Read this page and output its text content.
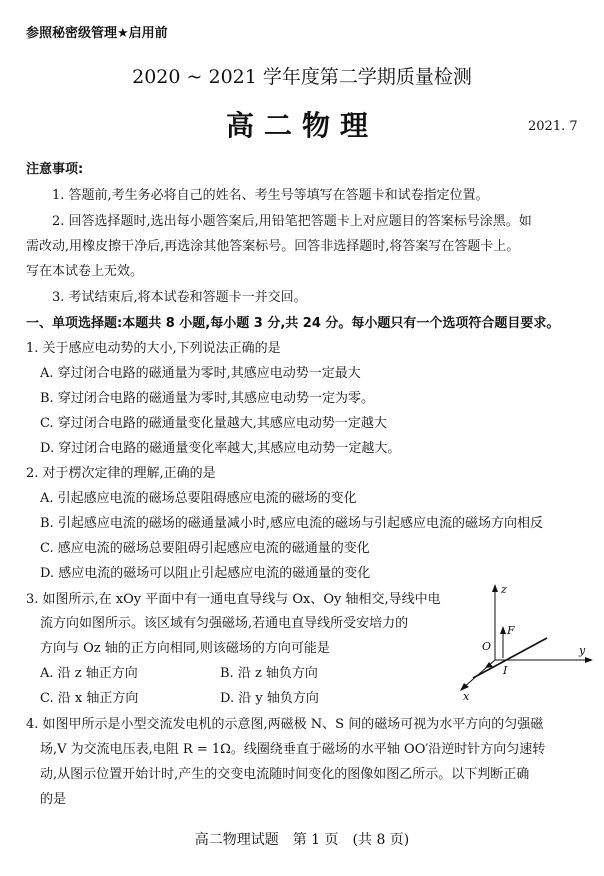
参照秘密级管理★启用前
2020 ~ 2021 学年度第二学期质量检测
高二物理	2021. 7
注意事项:
1. 答题前,考生务必将自己的姓名、考生号等填写在答题卡和试卷指定位置。
2. 回答选择题时,选出每小题答案后,用铅笔把答题卡上对应题目的答案标号涂黑。如
需改动,用橡皮擦干净后,再选涂其他答案标号。回答非选择题时,将答案写在答题卡上。
写在本试卷上无效。
3. 考试结束后,将本试卷和答题卡一并交回。
一、单项选择题:本题共 8 小题,每小题 3 分,共 24 分。每小题只有一个选项符合题目要求。
1. 关于感应电动势的大小,下列说法正确的是
A. 穿过闭合电路的磁通量为零时,其感应电动势一定最大
B. 穿过闭合电路的磁通量为零时,其感应电动势一定为零。
C. 穿过闭合电路的磁通量变化量越大,其感应电动势一定越大
D. 穿过闭合电路的磁通量变化率越大,其感应电动势一定越大。
2. 对于楞次定律的理解,正确的是
A. 引起感应电流的磁场总要阻碍感应电流的磁场的变化
B. 引起感应电流的磁场的磁通量减小时,感应电流的磁场与引起感应电流的磁场方向相反
C. 感应电流的磁场总要阻碍引起感应电流的磁通量的变化
D. 感应电流的磁场可以阻止引起感应电流的磁通量的变化
3. 如图所示,在 xOy 平面中有一通电直导线与 Ox、Oy 轴相交,导线中电
流方向如图所示。该区域有匀强磁场,若通电直导线所受安培力的
方向与 Oz 轴的正方向相同,则该磁场的方向可能是
A. 沿 z 轴正方向	B. 沿 z 轴负方向
C. 沿 x 轴正方向	D. 沿 y 轴负方向
z
y
x
O
F
I
4. 如图甲所示是小型交流发电机的示意图,两磁极 N、S 间的磁场可视为水平方向的匀强磁
场,V 为交流电压表,电阻 R = 1Ω。线圈绕垂直于磁场的水平轴 OO′沿逆时针方向匀速转
动,从图示位置开始计时,产生的交变电流随时间变化的图像如图乙所示。以下判断正确
的是
高二物理试题　第 1 页　(共 8 页)
